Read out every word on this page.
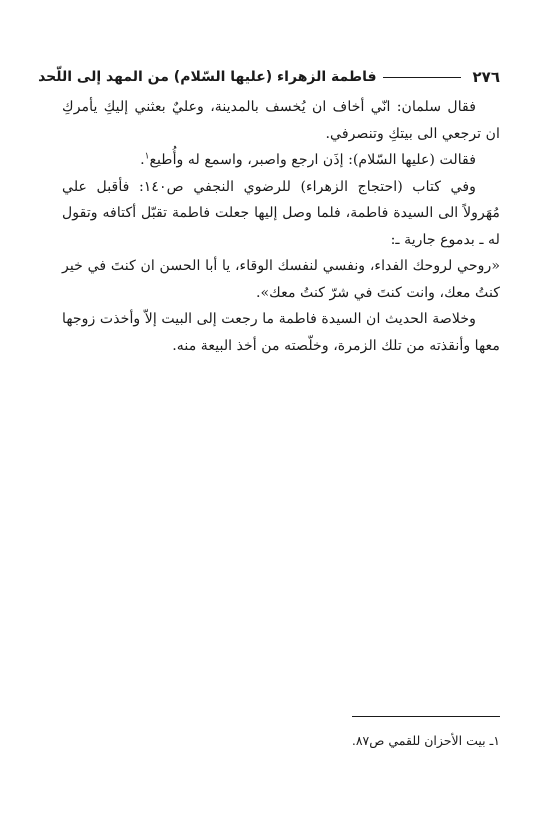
٢٧٦
فاطمة الزهراء (عليها السّلام) من المهد إلى اللّحد

فقال سلمان: انّي أخاف ان يُخسف بالمدينة، وعليٌ بعثني إليكِ يأمركِ ان ترجعي الى بيتكِ وتنصرفي.

فقالت (عليها السّلام): إذَن ارجع واصبر، واسمع له وأُطيع$^١$.

وفي كتاب (احتجاج الزهراء) للرضوي النجفي ص١٤٠: فأقبل علي مُهَرولاً الى السيدة فاطمة، فلما وصل إليها جعلت فاطمة تقبّل أكتافه وتقول له ـ بدموع جارية ـ:

«روحي لروحك الفداء، ونفسي لنفسك الوقاء، يا أبا الحسن ان كنتَ في خير كنتُ معك، وانت كنتَ في شرّ كنتُ معك».

وخلاصة الحديث ان السيدة فاطمة ما رجعت إلى البيت إلاّ وأخذت زوجها معها وأنقذته من تلك الزمرة، وخلّصته من أخذ البيعة منه.

١ـ بيت الأحزان للقمي ص٨٧.
